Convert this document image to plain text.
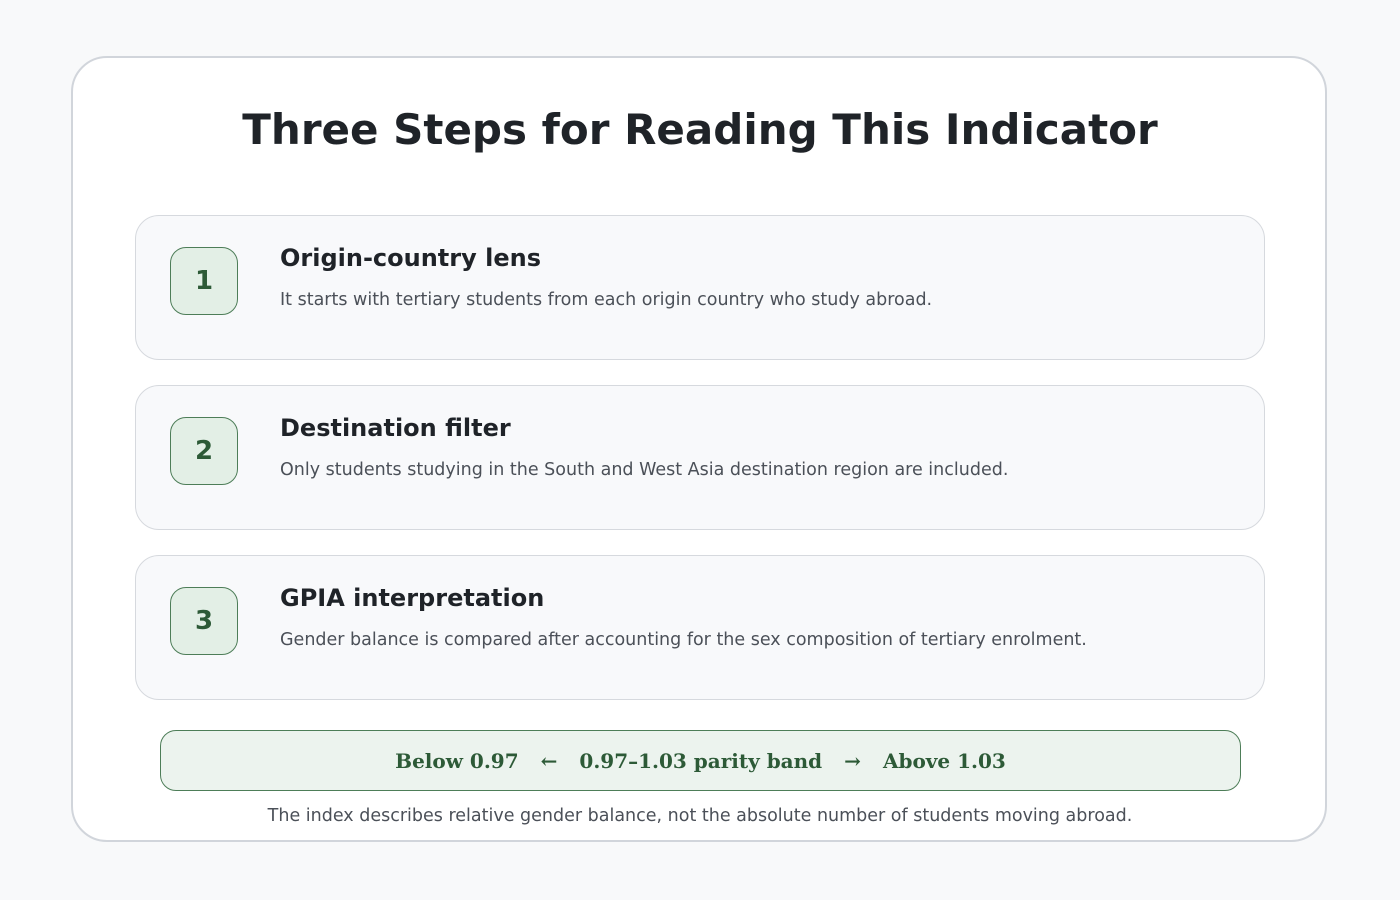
Three Steps for Reading This Indicator
1
Origin-country lens
It starts with tertiary students from each origin country who study abroad.
2
Destination filter
Only students studying in the South and West Asia destination region are included.
3
GPIA interpretation
Gender balance is compared after accounting for the sex composition of tertiary enrolment.
Below 0.97	←	0.97–1.03 parity band	→	Above 1.03
The index describes relative gender balance, not the absolute number of students moving abroad.
